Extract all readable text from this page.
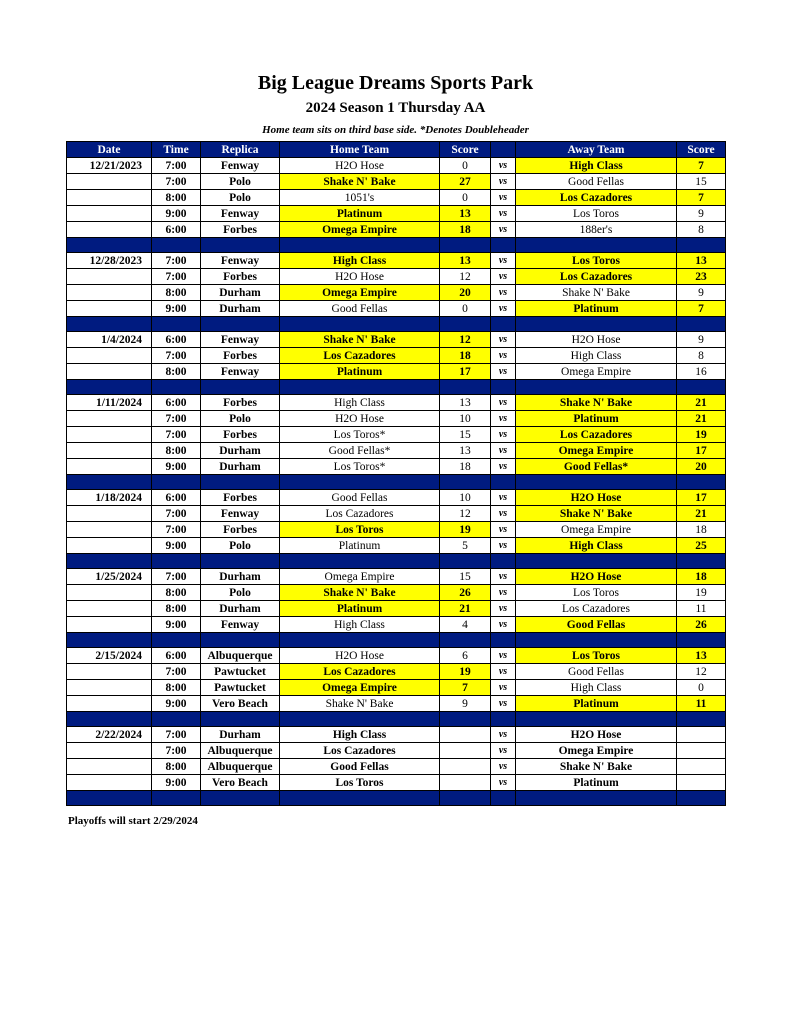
Big League Dreams Sports Park
2024 Season 1 Thursday AA
Home team sits on third base side. *Denotes Doubleheader
Date	Time	Replica	Home Team	Score		Away Team	Score
12/21/2023	7:00	Fenway	H2O Hose	0	vs	High Class	7
	7:00	Polo	Shake N' Bake	27	vs	Good Fellas	15
	8:00	Polo	1051's	0	vs	Los Cazadores	7
	9:00	Fenway	Platinum	13	vs	Los Toros	9
	6:00	Forbes	Omega Empire	18	vs	188er's	8

12/28/2023	7:00	Fenway	High Class	13	vs	Los Toros	13
	7:00	Forbes	H2O Hose	12	vs	Los Cazadores	23
	8:00	Durham	Omega Empire	20	vs	Shake N' Bake	9
	9:00	Durham	Good Fellas	0	vs	Platinum	7

1/4/2024	6:00	Fenway	Shake N' Bake	12	vs	H2O Hose	9
	7:00	Forbes	Los Cazadores	18	vs	High Class	8
	8:00	Fenway	Platinum	17	vs	Omega Empire	16

1/11/2024	6:00	Forbes	High Class	13	vs	Shake N' Bake	21
	7:00	Polo	H2O Hose	10	vs	Platinum	21
	7:00	Forbes	Los Toros*	15	vs	Los Cazadores	19
	8:00	Durham	Good Fellas*	13	vs	Omega Empire	17
	9:00	Durham	Los Toros*	18	vs	Good Fellas*	20

1/18/2024	6:00	Forbes	Good Fellas	10	vs	H2O Hose	17
	7:00	Fenway	Los Cazadores	12	vs	Shake N' Bake	21
	7:00	Forbes	Los Toros	19	vs	Omega Empire	18
	9:00	Polo	Platinum	5	vs	High Class	25

1/25/2024	7:00	Durham	Omega Empire	15	vs	H2O Hose	18
	8:00	Polo	Shake N' Bake	26	vs	Los Toros	19
	8:00	Durham	Platinum	21	vs	Los Cazadores	11
	9:00	Fenway	High Class	4	vs	Good Fellas	26

2/15/2024	6:00	Albuquerque	H2O Hose	6	vs	Los Toros	13
	7:00	Pawtucket	Los Cazadores	19	vs	Good Fellas	12
	8:00	Pawtucket	Omega Empire	7	vs	High Class	0
	9:00	Vero Beach	Shake N' Bake	9	vs	Platinum	11

2/22/2024	7:00	Durham	High Class		vs	H2O Hose	
	7:00	Albuquerque	Los Cazadores		vs	Omega Empire	
	8:00	Albuquerque	Good Fellas		vs	Shake N' Bake	
	9:00	Vero Beach	Los Toros		vs	Platinum	

Playoffs will start 2/29/2024
